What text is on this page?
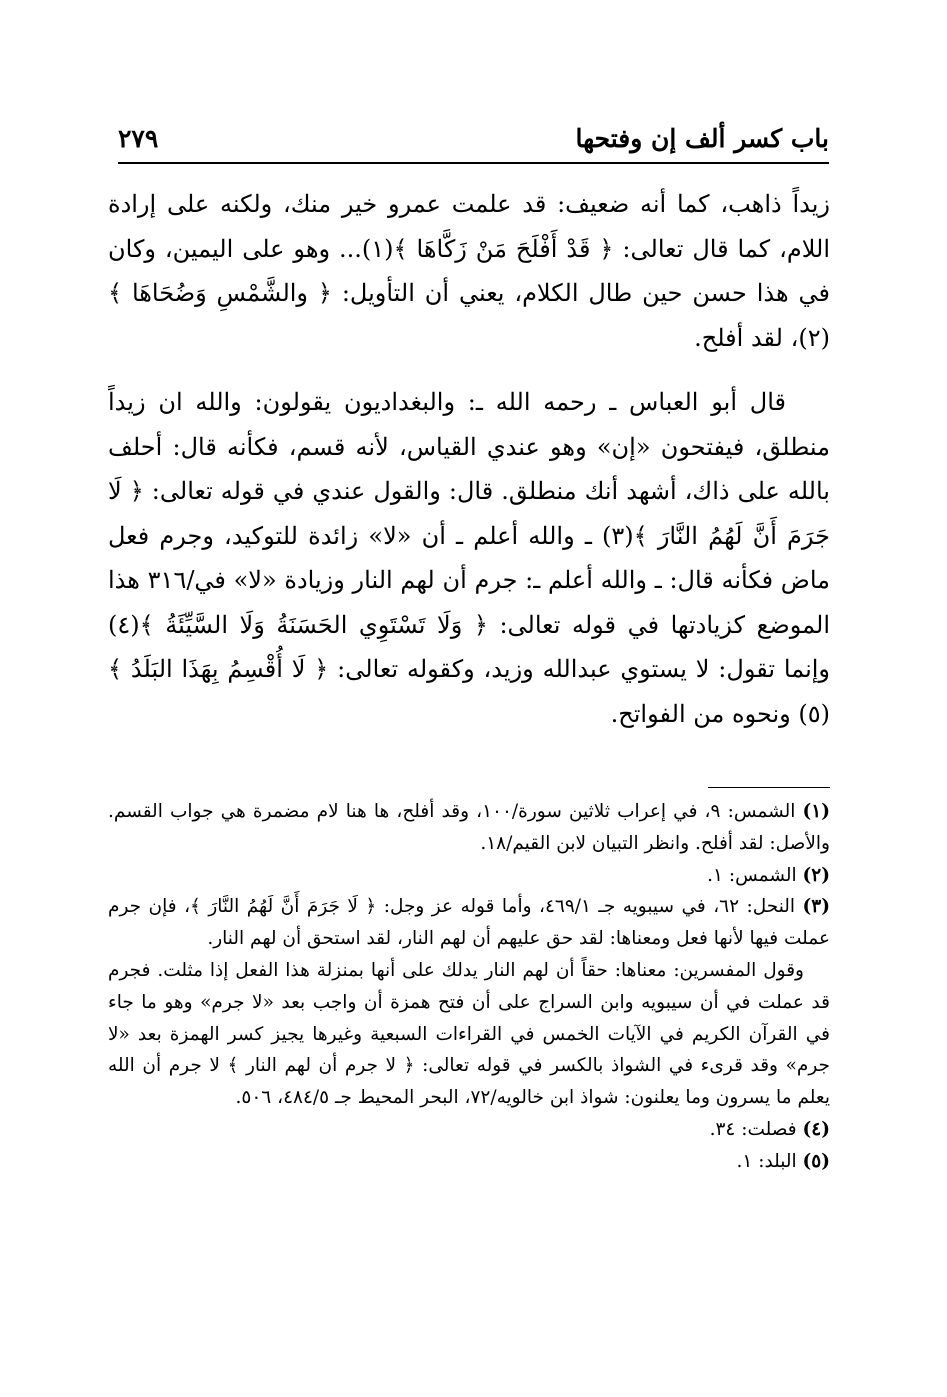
باب كسر ألف إن وفتحها
٢٧٩

زيداً ذاهب، كما أنه ضعيف: قد علمت عمرو خير منك، ولكنه على إرادة اللام، كما قال تعالى: ﴿ قَدْ أَفْلَحَ مَنْ زَكَّاهَا ﴾(١)... وهو على اليمين، وكان في هذا حسن حين طال الكلام، يعني أن التأويل: ﴿ والشَّمْسِ وَضُحَاهَا ﴾(٢)، لقد أفلح.

قال أبو العباس ـ رحمه الله ـ: والبغداديون يقولون: والله ان زيداً منطلق، فيفتحون «إن» وهو عندي القياس، لأنه قسم، فكأنه قال: أحلف بالله على ذاك، أشهد أنك منطلق. قال: والقول عندي في قوله تعالى: ﴿ لَا جَرَمَ أَنَّ لَهُمُ النَّارَ ﴾(٣) ـ والله أعلم ـ أن «لا» زائدة للتوكيد، وجرم فعل ماض فكأنه قال: ـ والله أعلم ـ: جرم أن لهم النار وزيادة «لا» في/٣١٦ هذا الموضع كزيادتها في قوله تعالى: ﴿ وَلَا تَسْتَوِي الحَسَنَةُ وَلَا السَّيِّئَةُ ﴾(٤) وإنما تقول: لا يستوي عبدالله وزيد، وكقوله تعالى: ﴿ لَا أُقْسِمُ بِهَذَا البَلَدُ ﴾(٥) ونحوه من الفواتح.

(١) الشمس: ٩، في إعراب ثلاثين سورة/١٠٠، وقد أفلح، ها هنا لام مضمرة هي جواب القسم. والأصل: لقد أفلح. وانظر التبيان لابن القيم/١٨.

(٢) الشمس: ١.

(٣) النحل: ٦٢، في سيبويه جـ ٤٦٩/١، وأما قوله عز وجل: ﴿ لَا جَرَمَ أَنَّ لَهُمُ النَّارَ ﴾، فإن جرم عملت فيها لأنها فعل ومعناها: لقد حق عليهم أن لهم النار، لقد استحق أن لهم النار.

وقول المفسرين: معناها: حقاً أن لهم النار يدلك على أنها بمنزلة هذا الفعل إذا مثلت. فجرم قد عملت في أن سيبويه وابن السراج على أن فتح همزة أن واجب بعد «لا جرم» وهو ما جاء في القرآن الكريم في الآيات الخمس في القراءات السبعية وغيرها يجيز كسر الهمزة بعد «لا جرم» وقد قرىء في الشواذ بالكسر في قوله تعالى: ﴿ لا جرم أن لهم النار ﴾ لا جرم أن الله يعلم ما يسرون وما يعلنون: شواذ ابن خالويه/٧٢، البحر المحيط جـ ٤٨٤/٥، ٥٠٦.

(٤) فصلت: ٣٤.

(٥) البلد: ١.
